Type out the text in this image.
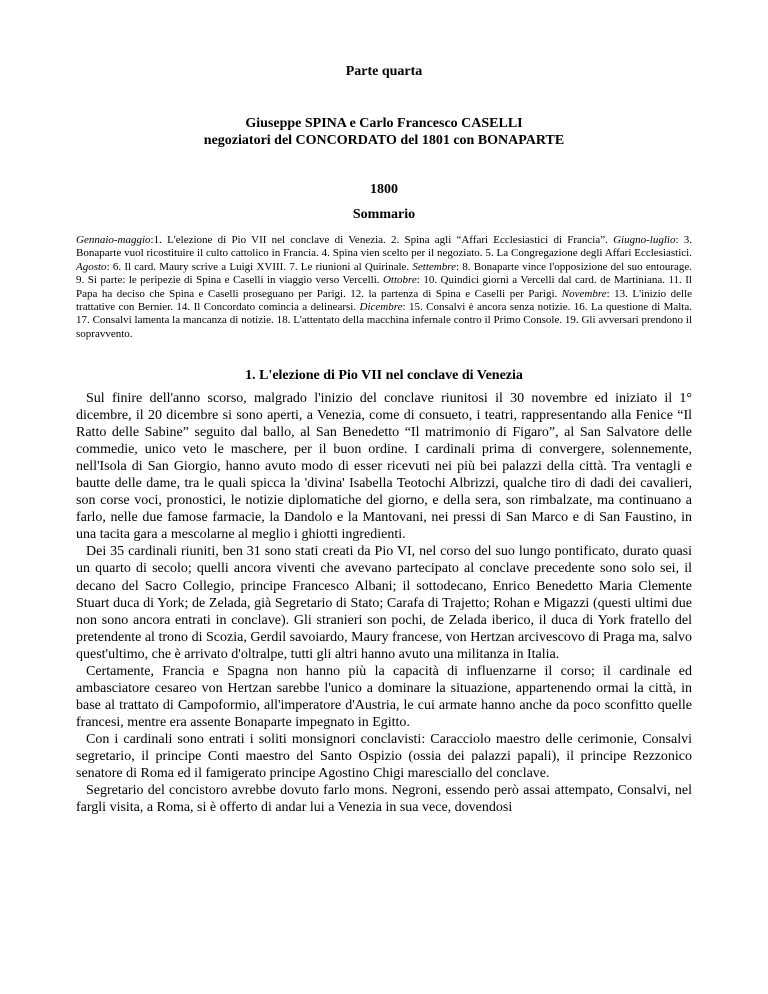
Parte quarta
Giuseppe SPINA e Carlo Francesco CASELLI
negoziatori del CONCORDATO del 1801 con BONAPARTE
1800
Sommario
Gennaio-maggio:1. L'elezione di Pio VII nel conclave di Venezia. 2. Spina agli “Affari Ecclesiastici di Francia”. Giugno-luglio: 3. Bonaparte vuol ricostituire il culto cattolico in Francia. 4. Spina vien scelto per il negoziato. 5. La Congregazione degli Affari Ecclesiastici. Agosto: 6. Il card. Maury scrive a Luigi XVIII. 7. Le riunioni al Quirinale. Settembre: 8. Bonaparte vince l'opposizione del suo entourage. 9. Si parte: le peripezie di Spina e Caselli in viaggio verso Vercelli. Ottobre: 10. Quindici giorni a Vercelli dal card. de Martiniana. 11. Il Papa ha deciso che Spina e Caselli proseguano per Parigi. 12. la partenza di Spina e Caselli per Parigi. Novembre: 13. L'inizio delle trattative con Bernier. 14. Il Concordato comincia a delinearsi. Dicembre: 15. Consalvi è ancora senza notizie. 16. La questione di Malta. 17. Consalvi lamenta la mancanza di notizie. 18. L'attentato della macchina infernale contro il Primo Console. 19. Gli avversari prendono il sopravvento.
1. L'elezione di Pio VII nel conclave di Venezia

Sul finire dell'anno scorso, malgrado l'inizio del conclave riunitosi il 30 novembre ed iniziato il 1° dicembre, il 20 dicembre si sono aperti, a Venezia, come di consueto, i teatri, rappresentando alla Fenice “Il Ratto delle Sabine” seguito dal ballo, al San Benedetto “Il matrimonio di Figaro”, al San Salvatore delle commedie, unico veto le maschere, per il buon ordine. I cardinali prima di convergere, solennemente, nell'Isola di San Giorgio, hanno avuto modo di esser ricevuti nei più bei palazzi della città. Tra ventagli e bautte delle dame, tra le quali spicca la 'divina' Isabella Teotochi Albrizzi, qualche tiro di dadi dei cavalieri, son corse voci, pronostici, le notizie diplomatiche del giorno, e della sera, son rimbalzate, ma continuano a farlo, nelle due famose farmacie, la Dandolo e la Mantovani, nei pressi di San Marco e di San Faustino, in una tacita gara a mescolarne al meglio i ghiotti ingredienti.

Dei 35 cardinali riuniti, ben 31 sono stati creati da Pio VI, nel corso del suo lungo pontificato, durato quasi un quarto di secolo; quelli ancora viventi che avevano partecipato al conclave precedente sono solo sei, il decano del Sacro Collegio, principe Francesco Albani; il sottodecano, Enrico Benedetto Maria Clemente Stuart duca di York; de Zelada, già Segretario di Stato; Carafa di Trajetto; Rohan e Migazzi (questi ultimi due non sono ancora entrati in conclave). Gli stranieri son pochi, de Zelada iberico, il duca di York fratello del pretendente al trono di Scozia, Gerdil savoiardo, Maury francese, von Hertzan arcivescovo di Praga ma, salvo quest'ultimo, che è arrivato d'oltralpe, tutti gli altri hanno avuto una militanza in Italia.

Certamente, Francia e Spagna non hanno più la capacità di influenzarne il corso; il cardinale ed ambasciatore cesareo von Hertzan sarebbe l'unico a dominare la situazione, appartenendo ormai la città, in base al trattato di Campoformio, all'imperatore d'Austria, le cui armate hanno anche da poco sconfitto quelle francesi, mentre era assente Bonaparte impegnato in Egitto.

Con i cardinali sono entrati i soliti monsignori conclavisti: Caracciolo maestro delle cerimonie, Consalvi segretario, il principe Conti maestro del Santo Ospizio (ossia dei palazzi papali), il principe Rezzonico senatore di Roma ed il famigerato principe Agostino Chigi maresciallo del conclave.

Segretario del concistoro avrebbe dovuto farlo mons. Negroni, essendo però assai attempato, Consalvi, nel fargli visita, a Roma, si è offerto di andar lui a Venezia in sua vece, dovendosi
